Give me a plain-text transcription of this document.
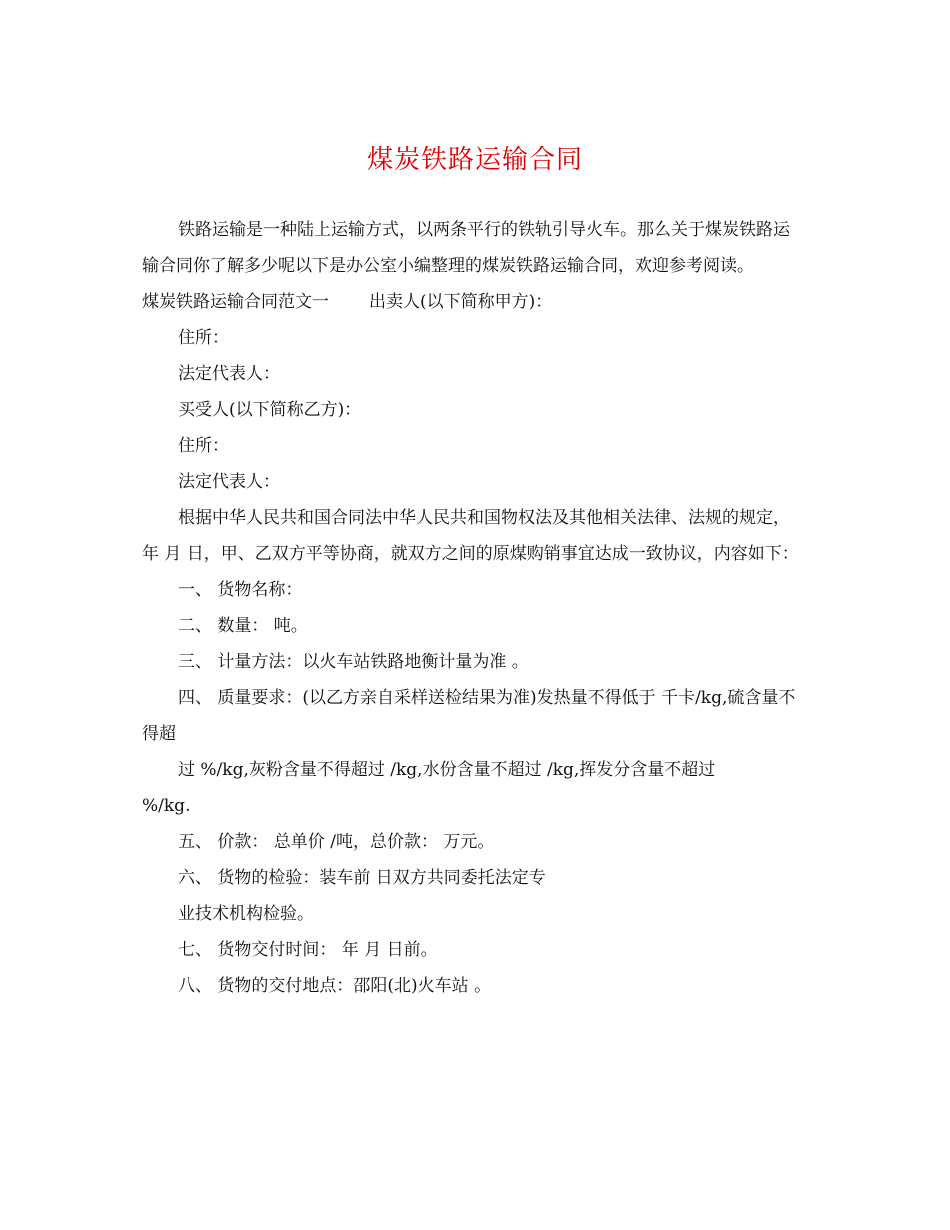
煤炭铁路运输合同

铁路运输是一种陆上运输方式，以两条平行的铁轨引导火车。那么关于煤炭铁路运输合同你了解多少呢以下是办公室小编整理的煤炭铁路运输合同，欢迎参考阅读。

煤炭铁路运输合同范文一 出卖人(以下简称甲方)：

住所：

法定代表人：

买受人(以下简称乙方)：

住所：

法定代表人：

根据中华人民共和国合同法中华人民共和国物权法及其他相关法律、法规的规定， 年 月 日，甲、乙双方平等协商，就双方之间的原煤购销事宜达成一致协议，内容如下：

一、 货物名称：

二、 数量： 吨。

三、 计量方法：以火车站铁路地衡计量为准 。

四、 质量要求：(以乙方亲自采样送检结果为准)发热量不得低于 千卡/kg,硫含量不得超

过 %/kg,灰粉含量不得超过 /kg,水份含量不超过 /kg,挥发分含量不超过

%/kg.

五、 价款： 总单价 /吨，总价款： 万元。

六、 货物的检验：装车前 日双方共同委托法定专

业技术机构检验。

七、 货物交付时间： 年 月 日前。

八、 货物的交付地点：邵阳(北)火车站 。
